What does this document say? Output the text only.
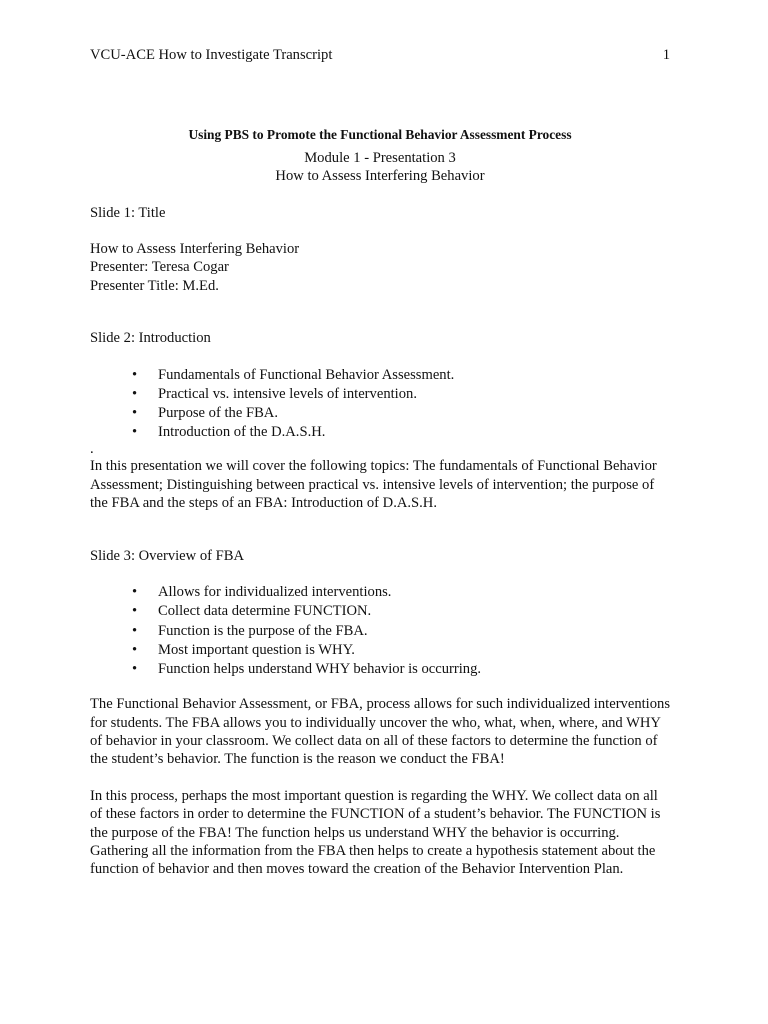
VCU-ACE How to Investigate Transcript	1
Using PBS to Promote the Functional Behavior Assessment Process
Module 1 - Presentation 3
How to Assess Interfering Behavior
Slide 1: Title
How to Assess Interfering Behavior
Presenter: Teresa Cogar
Presenter Title: M.Ed.
Slide 2: Introduction
• Fundamentals of Functional Behavior Assessment.
• Practical vs. intensive levels of intervention.
• Purpose of the FBA.
• Introduction of the D.A.S.H.
.

In this presentation we will cover the following topics: The fundamentals of Functional Behavior Assessment; Distinguishing between practical vs. intensive levels of intervention; the purpose of the FBA and the steps of an FBA: Introduction of D.A.S.H.

Slide 3: Overview of FBA
• Allows for individualized interventions.
• Collect data determine FUNCTION.
• Function is the purpose of the FBA.
• Most important question is WHY.
• Function helps understand WHY behavior is occurring.

The Functional Behavior Assessment, or FBA, process allows for such individualized interventions for students. The FBA allows you to individually uncover the who, what, when, where, and WHY of behavior in your classroom. We collect data on all of these factors to determine the function of the student’s behavior. The function is the reason we conduct the FBA!

In this process, perhaps the most important question is regarding the WHY. We collect data on all of these factors in order to determine the FUNCTION of a student’s behavior. The FUNCTION is the purpose of the FBA! The function helps us understand WHY the behavior is occurring. Gathering all the information from the FBA then helps to create a hypothesis statement about the function of behavior and then moves toward the creation of the Behavior Intervention Plan.
